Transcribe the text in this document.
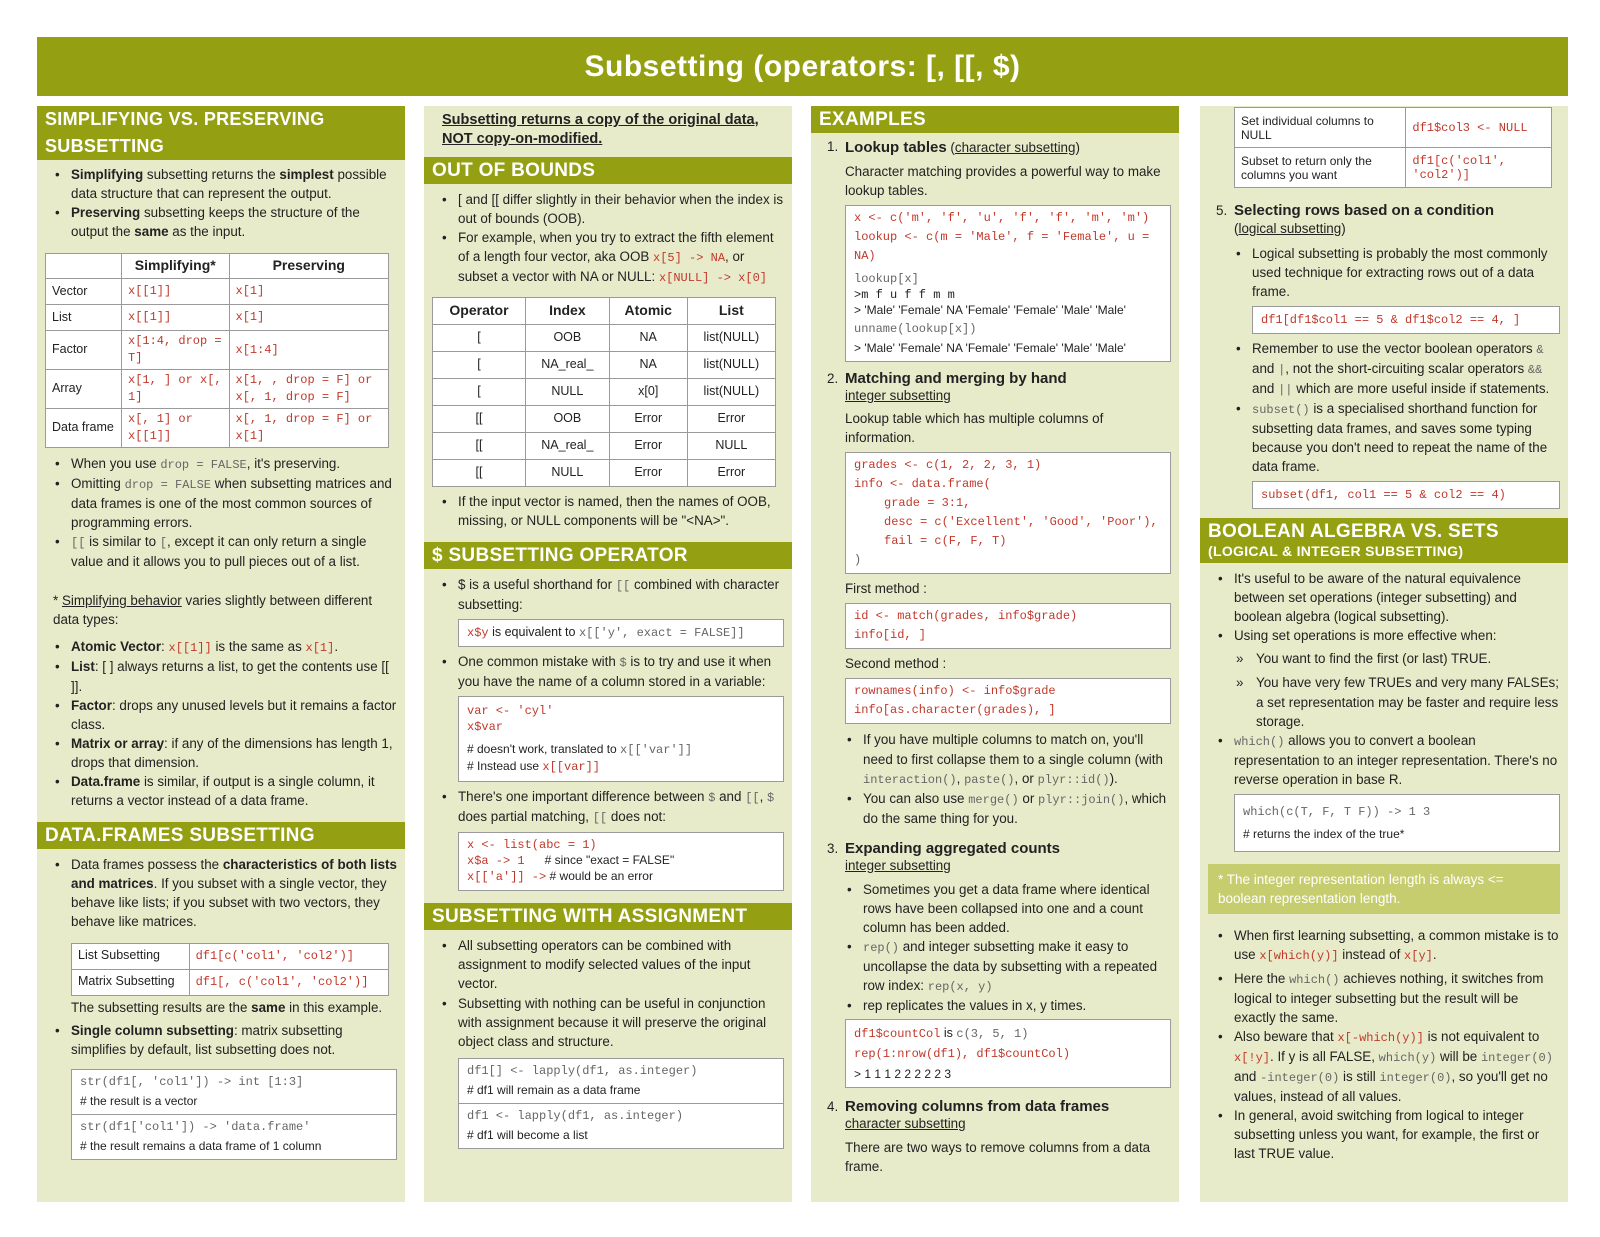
Subsetting (operators: [, [[, $)
SIMPLIFYING VS. PRESERVING SUBSETTING
• Simplifying subsetting returns the simplest possible data structure that can represent the output.
• Preserving subsetting keeps the structure of the output the same as the input.
	Simplifying*	Preserving
Vector	x[[1]]	x[1]
List	x[[1]]	x[1]
Factor	x[1:4, drop = T]	x[1:4]
Array	x[1, ] or x[, 1]	x[1, , drop = F] or x[, 1, drop = F]
Data frame	x[, 1] or x[[1]]	x[, 1, drop = F] or x[1]
• When you use drop = FALSE, it's preserving.
• Omitting drop = FALSE when subsetting matrices and data frames is one of the most common sources of programming errors.
• [[ is similar to [, except it can only return a single value and it allows you to pull pieces out of a list.

* Simplifying behavior varies slightly between different data types:

• Atomic Vector: x[[1]] is the same as x[1].
• List: [ ] always returns a list, to get the contents use [[ ]].
• Factor: drops any unused levels but it remains a factor class.
• Matrix or array: if any of the dimensions has length 1, drops that dimension.
• Data.frame is similar, if output is a single column, it returns a vector instead of a data frame.
DATA.FRAMES SUBSETTING
• Data frames possess the characteristics of both lists and matrices. If you subset with a single vector, they behave like lists; if you subset with two vectors, they behave like matrices.
List Subsetting	df1[c('col1', 'col2')]
Matrix Subsetting	df1[, c('col1', 'col2')]

The subsetting results are the same in this example.

• Single column subsetting: matrix subsetting simplifies by default, list subsetting does not.
str(df1[, 'col1']) -> int [1:3]
# the result is a vector
str(df1['col1']) -> 'data.frame'
# the result remains a data frame of 1 column

Subsetting returns a copy of the original data, NOT copy-on-modified.

OUT OF BOUNDS
• [ and [[ differ slightly in their behavior when the index is out of bounds (OOB).
• For example, when you try to extract the fifth element of a length four vector, aka OOB x[5] -> NA, or subset a vector with NA or NULL: x[NULL] -> x[0]
Operator	Index	Atomic	List
[	OOB	NA	list(NULL)
[	NA_real_	NA	list(NULL)
[	NULL	x[0]	list(NULL)
[[	OOB	Error	Error
[[	NA_real_	Error	NULL
[[	NULL	Error	Error
• If the input vector is named, then the names of OOB, missing, or NULL components will be "<NA>".
$ SUBSETTING OPERATOR
• $ is a useful shorthand for [[ combined with character subsetting:
x$y is equivalent to x[['y', exact = FALSE]]
• One common mistake with $ is to try and use it when you have the name of a column stored in a variable:
var <- 'cyl'
x$var
# doesn't work, translated to x[['var']]
# Instead use x[[var]]
• There's one important difference between $ and [[, $ does partial matching, [[ does not:
x <- list(abc = 1)
x$a -> 1      # since "exact = FALSE"
x[['a']] -> # would be an error
SUBSETTING WITH ASSIGNMENT
• All subsetting operators can be combined with assignment to modify selected values of the input vector.
• Subsetting with nothing can be useful in conjunction with assignment because it will preserve the original object class and structure.
df1[] <- lapply(df1, as.integer)
# df1 will remain as a data frame
df1 <- lapply(df1, as.integer)
# df1 will become a list
EXAMPLES
1. Lookup tables (character subsetting)

Character matching provides a powerful way to make lookup tables.

x <- c('m', 'f', 'u', 'f', 'f', 'm', 'm')
lookup <- c(m = 'Male', f = 'Female', u = NA)
lookup[x]
>m f u f f m m
> 'Male' 'Female' NA 'Female' 'Female' 'Male' 'Male'
unname(lookup[x])
> 'Male' 'Female' NA 'Female' 'Female' 'Male' 'Male'
2. Matching and merging by hand
integer subsetting

Lookup table which has multiple columns of information.

grades <- c(1, 2, 2, 3, 1)
info <- data.frame(
grade = 3:1,
desc = c('Excellent', 'Good', 'Poor'),
fail = c(F, F, T)
)

First method :

id <- match(grades, info$grade)
info[id, ]

Second method :

rownames(info) <- info$grade
info[as.character(grades), ]
• If you have multiple columns to match on, you'll need to first collapse them to a single column (with interaction(), paste(), or plyr::id()).
• You can also use merge() or plyr::join(), which do the same thing for you.
3. Expanding aggregated counts
integer subsetting
• Sometimes you get a data frame where identical rows have been collapsed into one and a count column has been added.
• rep() and integer subsetting make it easy to uncollapse the data by subsetting with a repeated row index: rep(x, y)
• rep replicates the values in x, y times.
df1$countCol is c(3, 5, 1)
rep(1:nrow(df1), df1$countCol)
> 1 1 1 2 2 2 2 2 3
4. Removing columns from data frames
character subsetting

There are two ways to remove columns from a data frame.

Set individual columns to NULL	df1$col3 <- NULL
Subset to return only the columns you want	df1[c('col1', 'col2')]
5. Selecting rows based on a condition
(logical subsetting)
• Logical subsetting is probably the most commonly used technique for extracting rows out of a data frame.
df1[df1$col1 == 5 & df1$col2 == 4, ]
• Remember to use the vector boolean operators & and |, not the short-circuiting scalar operators && and || which are more useful inside if statements.
• subset() is a specialised shorthand function for subsetting data frames, and saves some typing because you don't need to repeat the name of the data frame.
subset(df1, col1 == 5 & col2 == 4)
BOOLEAN ALGEBRA VS. SETS
(LOGICAL & INTEGER SUBSETTING)
• It's useful to be aware of the natural equivalence between set operations (integer subsetting) and boolean algebra (logical subsetting).
• Using set operations is more effective when:
» You want to find the first (or last) TRUE.
» You have very few TRUEs and very many FALSEs; a set representation may be faster and require less storage.
• which() allows you to convert a boolean representation to an integer representation. There's no reverse operation in base R.
which(c(T, F, T F)) -> 1 3
# returns the index of the true*
* The integer representation length is always <= boolean representation length.
• When first learning subsetting, a common mistake is to use x[which(y)] instead of x[y].
• Here the which() achieves nothing, it switches from logical to integer subsetting but the result will be exactly the same.
• Also beware that x[-which(y)] is not equivalent to x[!y]. If y is all FALSE, which(y) will be integer(0) and -integer(0) is still integer(0), so you'll get no values, instead of all values.
• In general, avoid switching from logical to integer subsetting unless you want, for example, the first or last TRUE value.
